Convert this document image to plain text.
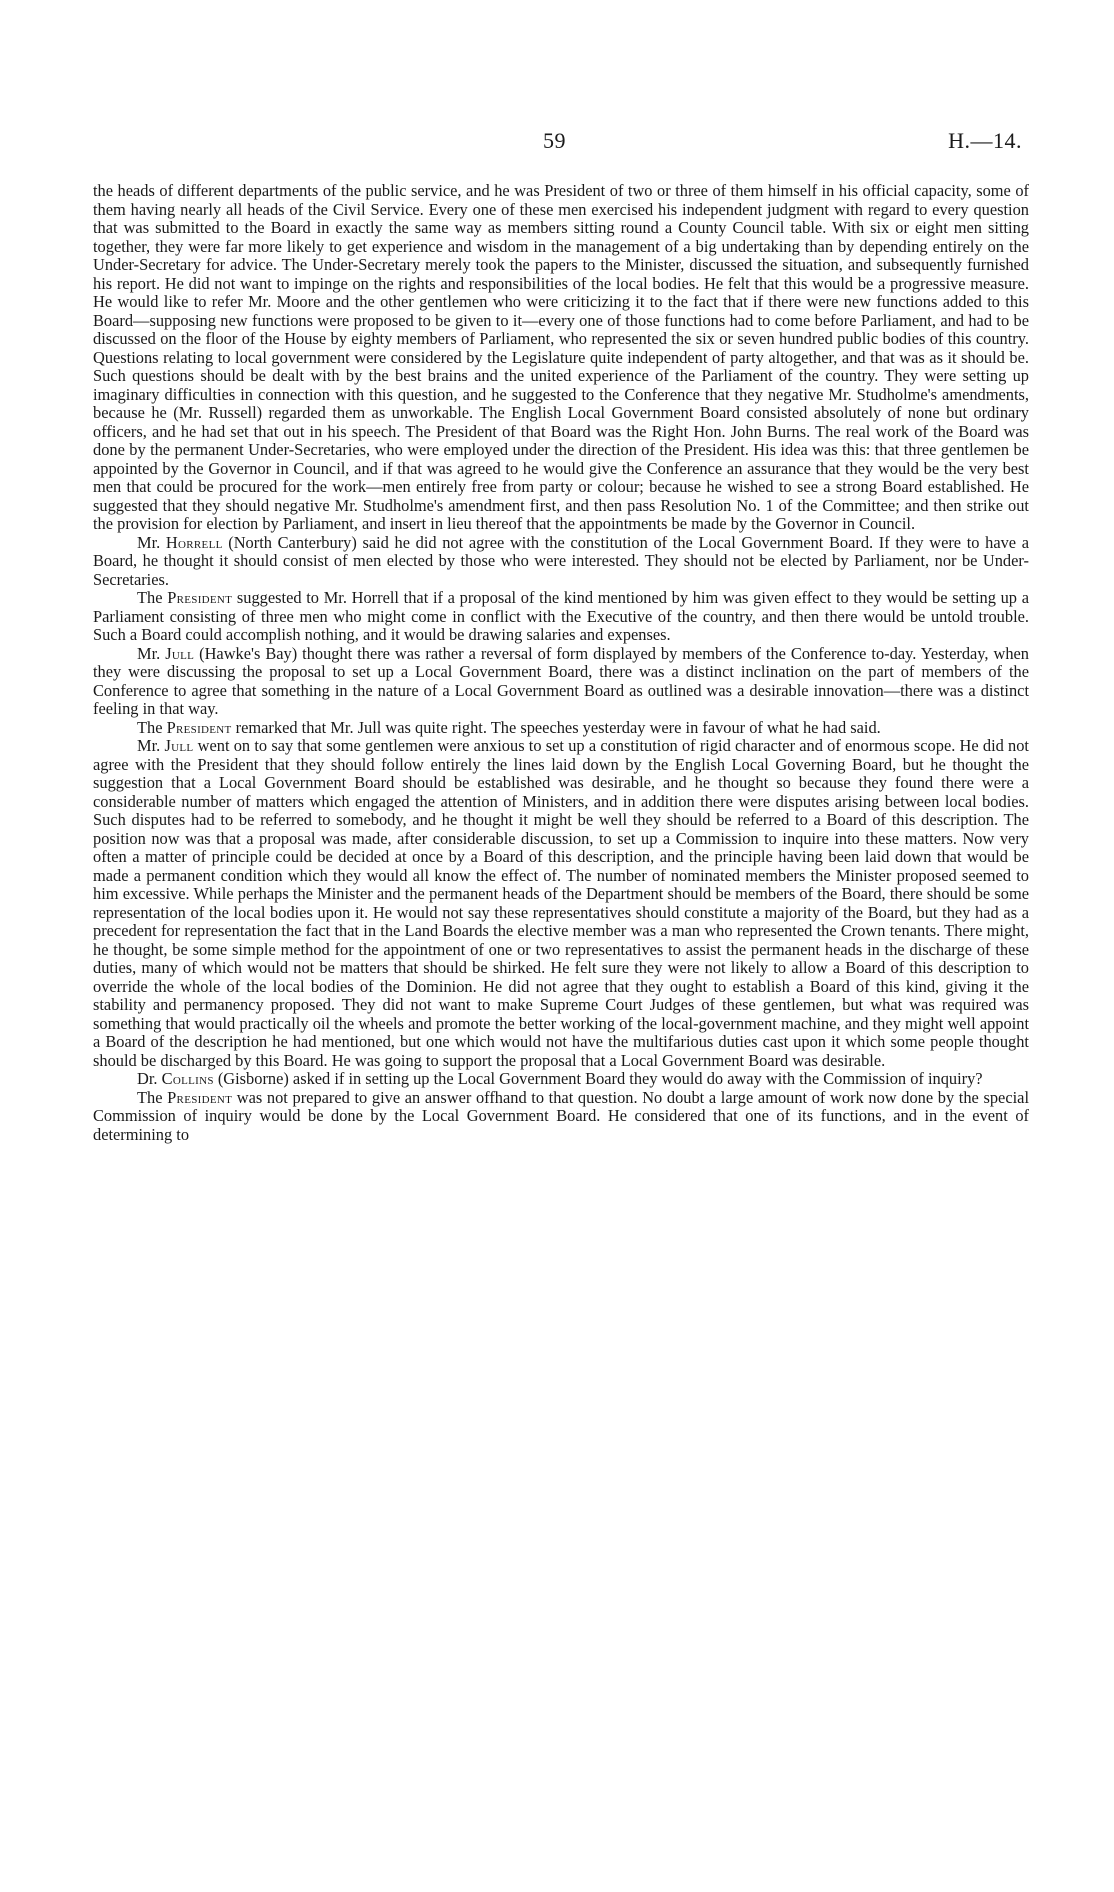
59	H.—14.

the heads of different departments of the public service, and he was President of two or three of them himself in his official capacity, some of them having nearly all heads of the Civil Service. Every one of these men exercised his independent judgment with regard to every question that was submitted to the Board in exactly the same way as members sitting round a County Council table. With six or eight men sitting together, they were far more likely to get experience and wisdom in the management of a big undertaking than by depending entirely on the Under-Secretary for advice. The Under-Secretary merely took the papers to the Minister, discussed the situation, and subsequently furnished his report. He did not want to impinge on the rights and responsibilities of the local bodies. He felt that this would be a progressive measure. He would like to refer Mr. Moore and the other gentlemen who were criticizing it to the fact that if there were new functions added to this Board—supposing new functions were proposed to be given to it—every one of those functions had to come before Parliament, and had to be discussed on the floor of the House by eighty members of Parliament, who represented the six or seven hundred public bodies of this country. Questions relating to local government were considered by the Legislature quite independent of party altogether, and that was as it should be. Such questions should be dealt with by the best brains and the united experience of the Parliament of the country. They were setting up imaginary difficulties in connection with this question, and he suggested to the Conference that they negative Mr. Studholme's amendments, because he (Mr. Russell) regarded them as unworkable. The English Local Government Board consisted absolutely of none but ordinary officers, and he had set that out in his speech. The President of that Board was the Right Hon. John Burns. The real work of the Board was done by the permanent Under-Secretaries, who were employed under the direction of the President. His idea was this: that three gentlemen be appointed by the Governor in Council, and if that was agreed to he would give the Conference an assurance that they would be the very best men that could be procured for the work—men entirely free from party or colour; because he wished to see a strong Board established. He suggested that they should negative Mr. Studholme's amendment first, and then pass Resolution No. 1 of the Committee; and then strike out the provision for election by Parliament, and insert in lieu thereof that the appointments be made by the Governor in Council.

Mr. Horrell (North Canterbury) said he did not agree with the constitution of the Local Government Board. If they were to have a Board, he thought it should consist of men elected by those who were interested. They should not be elected by Parliament, nor be Under-Secretaries.

The President suggested to Mr. Horrell that if a proposal of the kind mentioned by him was given effect to they would be setting up a Parliament consisting of three men who might come in conflict with the Executive of the country, and then there would be untold trouble. Such a Board could accomplish nothing, and it would be drawing salaries and expenses.

Mr. Jull (Hawke's Bay) thought there was rather a reversal of form displayed by members of the Conference to-day. Yesterday, when they were discussing the proposal to set up a Local Government Board, there was a distinct inclination on the part of members of the Conference to agree that something in the nature of a Local Government Board as outlined was a desirable innovation—there was a distinct feeling in that way.

The President remarked that Mr. Jull was quite right. The speeches yesterday were in favour of what he had said.

Mr. Jull went on to say that some gentlemen were anxious to set up a constitution of rigid character and of enormous scope. He did not agree with the President that they should follow entirely the lines laid down by the English Local Governing Board, but he thought the suggestion that a Local Government Board should be established was desirable, and he thought so because they found there were a considerable number of matters which engaged the attention of Ministers, and in addition there were disputes arising between local bodies. Such disputes had to be referred to somebody, and he thought it might be well they should be referred to a Board of this description. The position now was that a proposal was made, after considerable discussion, to set up a Commission to inquire into these matters. Now very often a matter of principle could be decided at once by a Board of this description, and the principle having been laid down that would be made a permanent condition which they would all know the effect of. The number of nominated members the Minister proposed seemed to him excessive. While perhaps the Minister and the permanent heads of the Department should be members of the Board, there should be some representation of the local bodies upon it. He would not say these representatives should constitute a majority of the Board, but they had as a precedent for representation the fact that in the Land Boards the elective member was a man who represented the Crown tenants. There might, he thought, be some simple method for the appointment of one or two representatives to assist the permanent heads in the discharge of these duties, many of which would not be matters that should be shirked. He felt sure they were not likely to allow a Board of this description to override the whole of the local bodies of the Dominion. He did not agree that they ought to establish a Board of this kind, giving it the stability and permanency proposed. They did not want to make Supreme Court Judges of these gentlemen, but what was required was something that would practically oil the wheels and promote the better working of the local-government machine, and they might well appoint a Board of the description he had mentioned, but one which would not have the multifarious duties cast upon it which some people thought should be discharged by this Board. He was going to support the proposal that a Local Government Board was desirable.

Dr. Collins (Gisborne) asked if in setting up the Local Government Board they would do away with the Commission of inquiry?

The President was not prepared to give an answer offhand to that question. No doubt a large amount of work now done by the special Commission of inquiry would be done by the Local Government Board. He considered that one of its functions, and in the event of determining to
